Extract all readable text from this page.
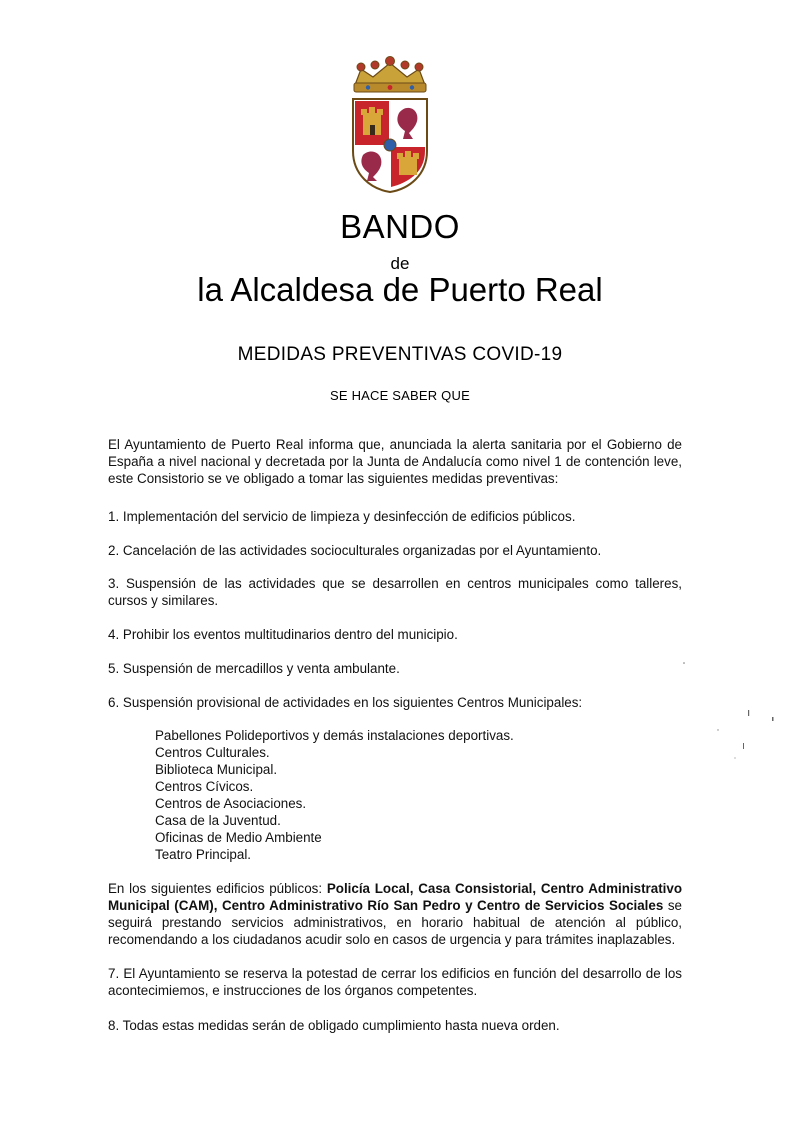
BANDO
de
la Alcaldesa de Puerto Real
MEDIDAS PREVENTIVAS COVID-19
SE HACE SABER QUE

El Ayuntamiento de Puerto Real informa que, anunciada la alerta sanitaria por el Gobierno de España a nivel nacional y decretada por la Junta de Andalucía como nivel 1 de contención leve, este Consistorio se ve obligado a tomar las siguientes medidas preventivas:

1. Implementación del servicio de limpieza y desinfección de edificios públicos.

2. Cancelación de las actividades socioculturales organizadas por el Ayuntamiento.

3. Suspensión de las actividades que se desarrollen en centros municipales como talleres, cursos y similares.

4. Prohibir los eventos multitudinarios dentro del municipio.

5. Suspensión de mercadillos y venta ambulante.

6. Suspensión provisional de actividades en los siguientes Centros Municipales:

Pabellones Polideportivos y demás instalaciones deportivas.
Centros Culturales.
Biblioteca Municipal.
Centros Cívicos.
Centros de Asociaciones.
Casa de la Juventud.
Oficinas de Medio Ambiente
Teatro Principal.

En los siguientes edificios públicos: Policía Local, Casa Consistorial, Centro Administrativo Municipal (CAM), Centro Administrativo Río San Pedro y Centro de Servicios Sociales se seguirá prestando servicios administrativos, en horario habitual de atención al público, recomendando a los ciudadanos acudir solo en casos de urgencia y para trámites inaplazables.

7. El Ayuntamiento se reserva la potestad de cerrar los edificios en función del desarrollo de los acontecimiemos, e instrucciones de los órganos competentes.

8. Todas estas medidas serán de obligado cumplimiento hasta nueva orden.
